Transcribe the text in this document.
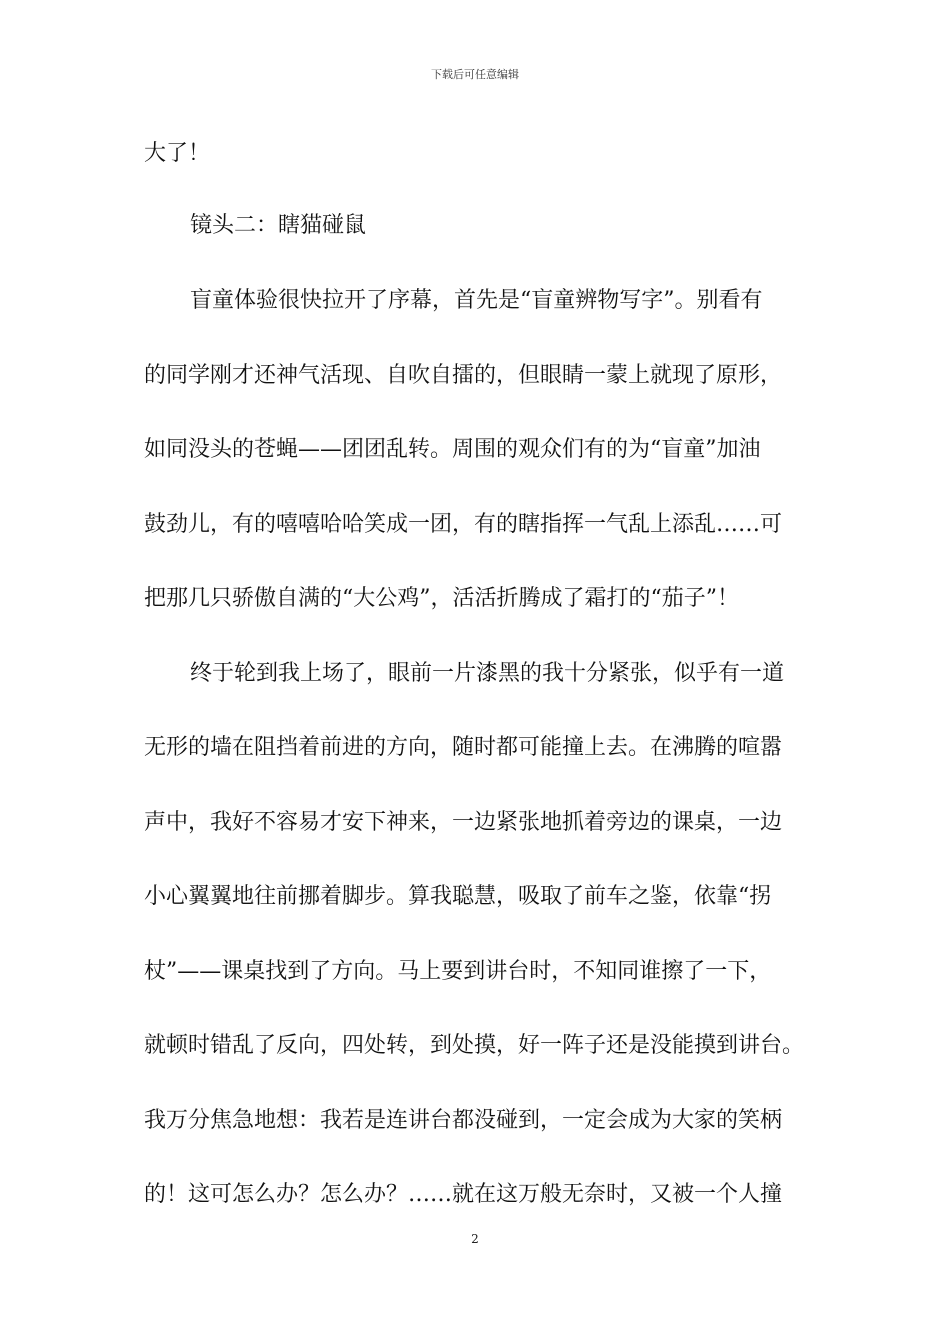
下载后可任意编辑
大了！
镜头二：瞎猫碰鼠
盲童体验很快拉开了序幕，首先是“盲童辨物写字”。别看有
的同学刚才还神气活现、自吹自擂的，但眼睛一蒙上就现了原形，
如同没头的苍蝇——团团乱转。周围的观众们有的为“盲童”加油
鼓劲儿，有的嘻嘻哈哈笑成一团，有的瞎指挥一气乱上添乱……可
把那几只骄傲自满的“大公鸡”，活活折腾成了霜打的“茄子”！
终于轮到我上场了，眼前一片漆黑的我十分紧张，似乎有一道
无形的墙在阻挡着前进的方向，随时都可能撞上去。在沸腾的喧嚣
声中，我好不容易才安下神来，一边紧张地抓着旁边的课桌，一边
小心翼翼地往前挪着脚步。算我聪慧，吸取了前车之鉴，依靠“拐
杖”——课桌找到了方向。马上要到讲台时，不知同谁擦了一下，
就顿时错乱了反向，四处转，到处摸，好一阵子还是没能摸到讲台。
我万分焦急地想：我若是连讲台都没碰到，一定会成为大家的笑柄
的！这可怎么办？怎么办？……就在这万般无奈时，又被一个人撞
2
